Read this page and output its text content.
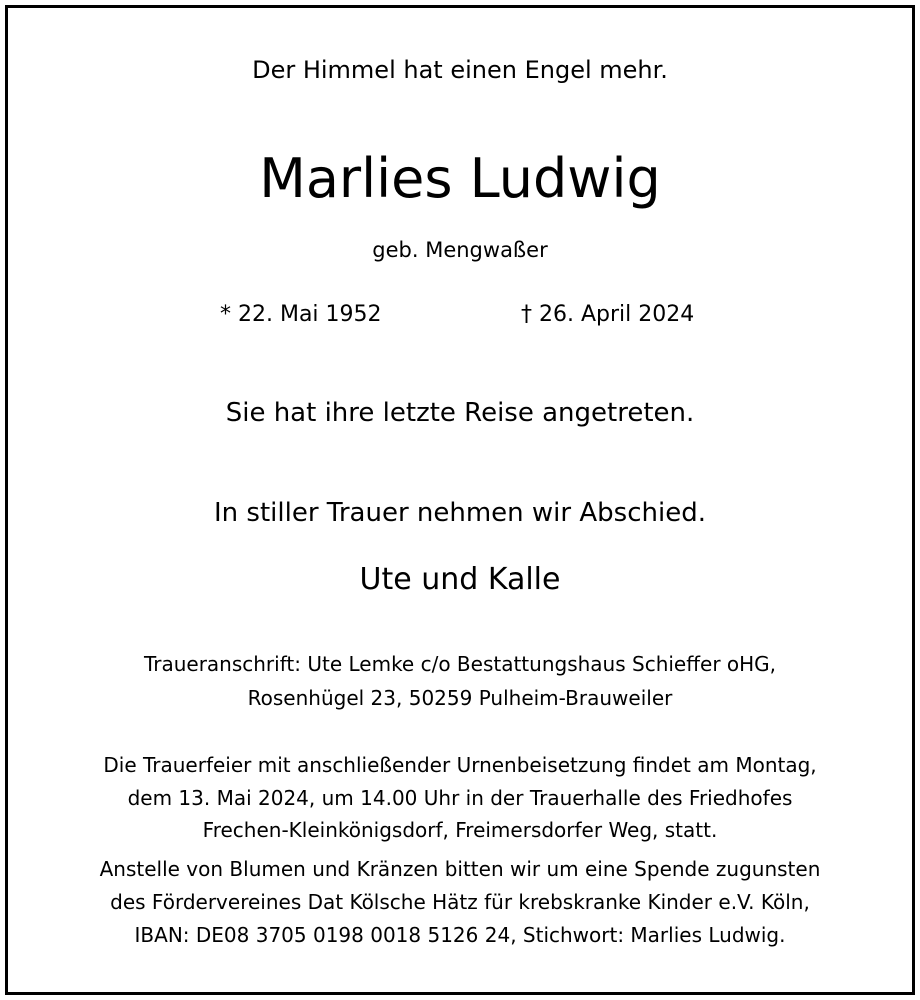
Der Himmel hat einen Engel mehr.
Marlies Ludwig
geb. Mengwaßer
* 22. Mai 1952	† 26. April 2024
Sie hat ihre letzte Reise angetreten.
In stiller Trauer nehmen wir Abschied.
Ute und Kalle
Traueranschrift: Ute Lemke c/o Bestattungshaus Schieffer oHG,
Rosenhügel 23, 50259 Pulheim-Brauweiler
Die Trauerfeier mit anschließender Urnenbeisetzung findet am Montag,
dem 13. Mai 2024, um 14.00 Uhr in der Trauerhalle des Friedhofes
Frechen-Kleinkönigsdorf, Freimersdorfer Weg, statt.
Anstelle von Blumen und Kränzen bitten wir um eine Spende zugunsten
des Fördervereines Dat Kölsche Hätz für krebskranke Kinder e.V. Köln,
IBAN: DE08 3705 0198 0018 5126 24, Stichwort: Marlies Ludwig.
